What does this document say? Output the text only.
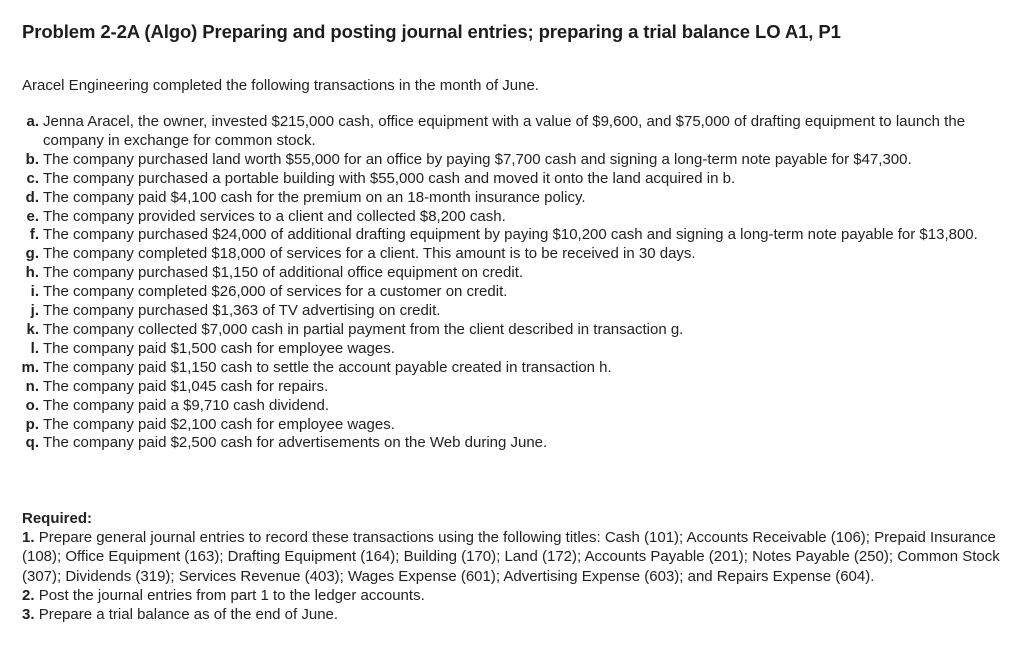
Problem 2-2A (Algo) Preparing and posting journal entries; preparing a trial balance LO A1, P1
Aracel Engineering completed the following transactions in the month of June.
a. Jenna Aracel, the owner, invested $215,000 cash, office equipment with a value of $9,600, and $75,000 of drafting equipment to launch the company in exchange for common stock.
b. The company purchased land worth $55,000 for an office by paying $7,700 cash and signing a long-term note payable for $47,300.
c. The company purchased a portable building with $55,000 cash and moved it onto the land acquired in b.
d. The company paid $4,100 cash for the premium on an 18-month insurance policy.
e. The company provided services to a client and collected $8,200 cash.
f. The company purchased $24,000 of additional drafting equipment by paying $10,200 cash and signing a long-term note payable for $13,800.
g. The company completed $18,000 of services for a client. This amount is to be received in 30 days.
h. The company purchased $1,150 of additional office equipment on credit.
i. The company completed $26,000 of services for a customer on credit.
j. The company purchased $1,363 of TV advertising on credit.
k. The company collected $7,000 cash in partial payment from the client described in transaction g.
l. The company paid $1,500 cash for employee wages.
m. The company paid $1,150 cash to settle the account payable created in transaction h.
n. The company paid $1,045 cash for repairs.
o. The company paid a $9,710 cash dividend.
p. The company paid $2,100 cash for employee wages.
q. The company paid $2,500 cash for advertisements on the Web during June.
Required:
1. Prepare general journal entries to record these transactions using the following titles: Cash (101); Accounts Receivable (106); Prepaid Insurance (108); Office Equipment (163); Drafting Equipment (164); Building (170); Land (172); Accounts Payable (201); Notes Payable (250); Common Stock (307); Dividends (319); Services Revenue (403); Wages Expense (601); Advertising Expense (603); and Repairs Expense (604).
2. Post the journal entries from part 1 to the ledger accounts.
3. Prepare a trial balance as of the end of June.
